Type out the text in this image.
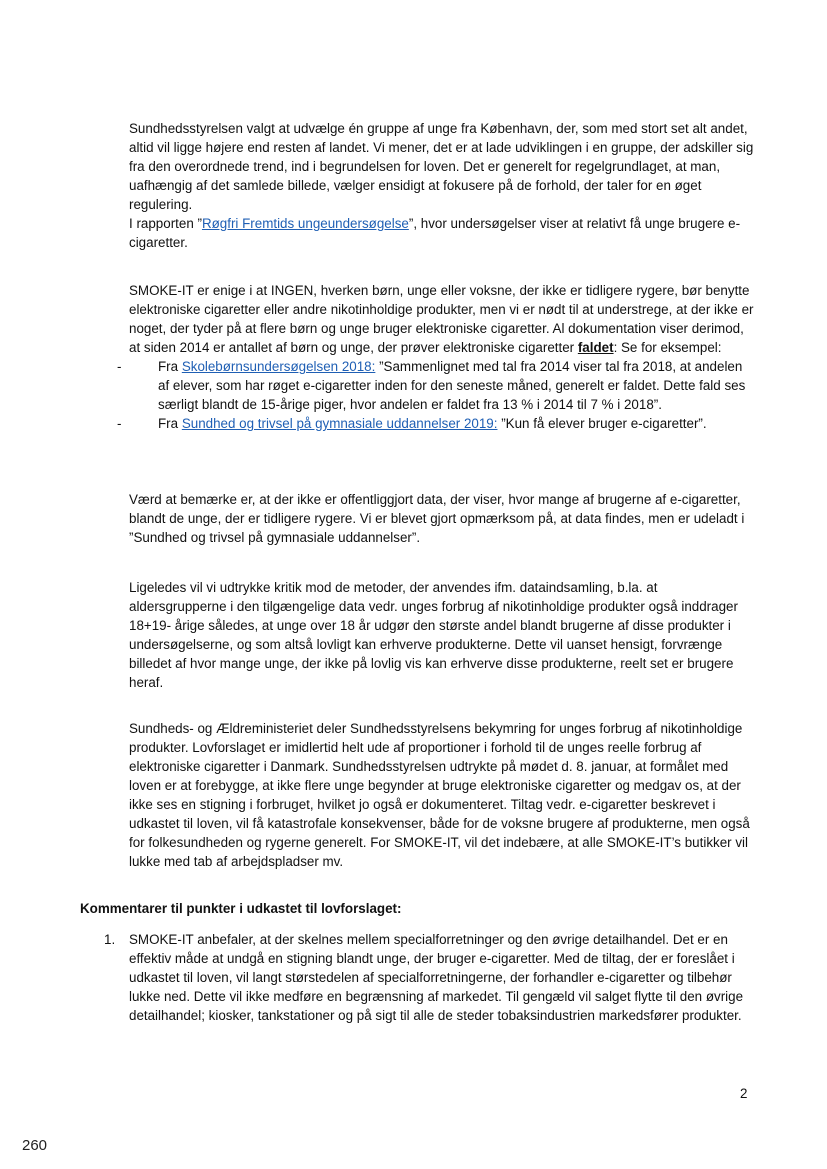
Sundhedsstyrelsen valgt at udvælge én gruppe af unge fra København, der, som med stort set alt andet, altid vil ligge højere end resten af landet. Vi mener, det er at lade udviklingen i en gruppe, der adskiller sig fra den overordnede trend, ind i begrundelsen for loven. Det er generelt for regelgrundlaget, at man, uafhængig af det samlede billede, vælger ensidigt at fokusere på de forhold, der taler for en øget regulering.
I rapporten ”Røgfri Fremtids ungeundersøgelse”, hvor undersøgelser viser at relativt få unge brugere e-cigaretter.

SMOKE-IT er enige i at INGEN, hverken børn, unge eller voksne, der ikke er tidligere rygere, bør benytte elektroniske cigaretter eller andre nikotinholdige produkter, men vi er nødt til at understrege, at der ikke er noget, der tyder på at flere børn og unge bruger elektroniske cigaretter. Al dokumentation viser derimod, at siden 2014 er antallet af børn og unge, der prøver elektroniske cigaretter faldet: Se for eksempel:

- Fra Skolebørnsundersøgelsen 2018: ”Sammenlignet med tal fra 2014 viser tal fra 2018, at andelen af elever, som har røget e-cigaretter inden for den seneste måned, generelt er faldet. Dette fald ses særligt blandt de 15-årige piger, hvor andelen er faldet fra 13 % i 2014 til 7 % i 2018”.
- Fra Sundhed og trivsel på gymnasiale uddannelser 2019: ”Kun få elever bruger e-cigaretter”.

Værd at bemærke er, at der ikke er offentliggjort data, der viser, hvor mange af brugerne af e-cigaretter, blandt de unge, der er tidligere rygere. Vi er blevet gjort opmærksom på, at data findes, men er udeladt i ”Sundhed og trivsel på gymnasiale uddannelser”.

Ligeledes vil vi udtrykke kritik mod de metoder, der anvendes ifm. dataindsamling, b.la. at aldersgrupperne i den tilgængelige data vedr. unges forbrug af nikotinholdige produkter også inddrager 18+19- årige således, at unge over 18 år udgør den største andel blandt brugerne af disse produkter i undersøgelserne, og som altså lovligt kan erhverve produkterne. Dette vil uanset hensigt, forvrænge billedet af hvor mange unge, der ikke på lovlig vis kan erhverve disse produkterne, reelt set er brugere heraf.

Sundheds- og Ældreministeriet deler Sundhedsstyrelsens bekymring for unges forbrug af nikotinholdige produkter. Lovforslaget er imidlertid helt ude af proportioner i forhold til de unges reelle forbrug af elektroniske cigaretter i Danmark. Sundhedsstyrelsen udtrykte på mødet d. 8. januar, at formålet med loven er at forebygge, at ikke flere unge begynder at bruge elektroniske cigaretter og medgav os, at der ikke ses en stigning i forbruget, hvilket jo også er dokumenteret. Tiltag vedr. e-cigaretter beskrevet i udkastet til loven, vil få katastrofale konsekvenser, både for de voksne brugere af produkterne, men også for folkesundheden og rygerne generelt. For SMOKE-IT, vil det indebære, at alle SMOKE-IT’s butikker vil lukke med tab af arbejdspladser mv.

Kommentarer til punkter i udkastet til lovforslaget:
1. SMOKE-IT anbefaler, at der skelnes mellem specialforretninger og den øvrige detailhandel. Det er en effektiv måde at undgå en stigning blandt unge, der bruger e-cigaretter. Med de tiltag, der er foreslået i udkastet til loven, vil langt størstedelen af specialforretningerne, der forhandler e-cigaretter og tilbehør lukke ned. Dette vil ikke medføre en begrænsning af markedet. Til gengæld vil salget flytte til den øvrige detailhandel; kiosker, tankstationer og på sigt til alle de steder tobaksindustrien markedsfører produkter.
2
260
